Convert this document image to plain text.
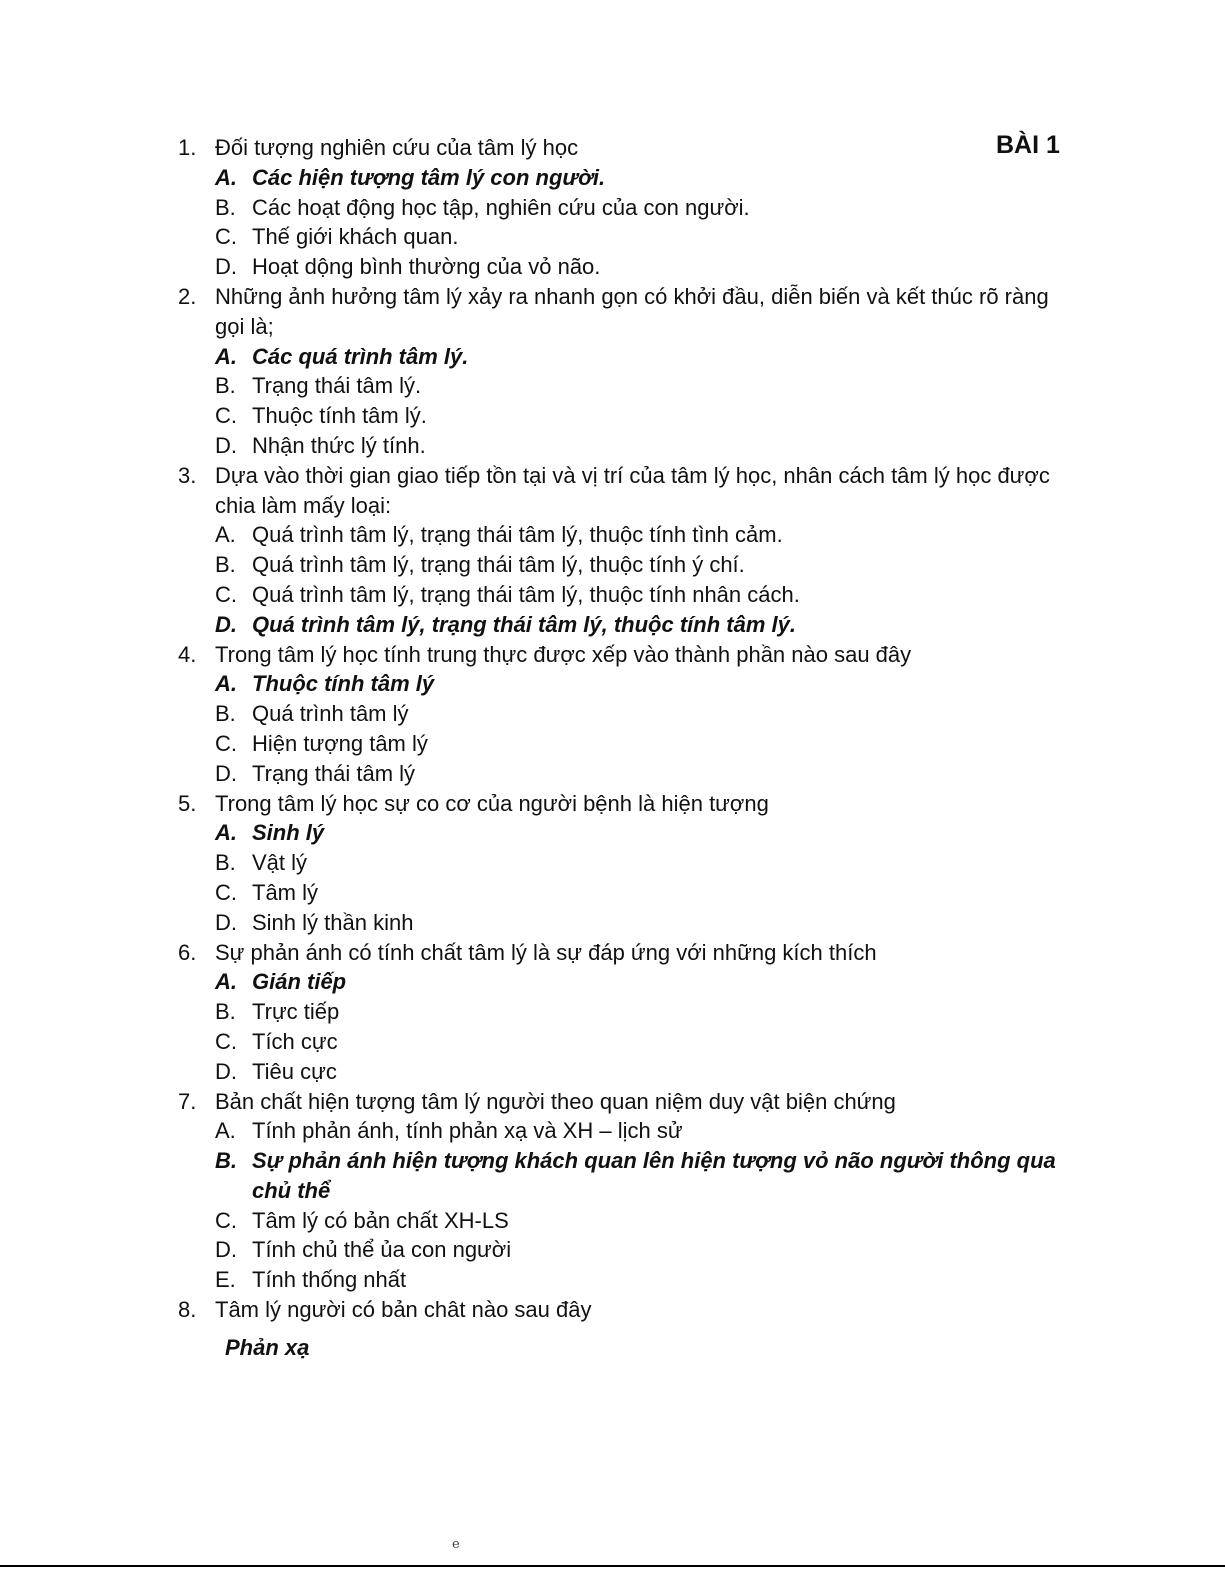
BÀI 1
1. Đối tượng nghiên cứu của tâm lý học
A. Các hiện tượng tâm lý con người.
B. Các hoạt động học tập, nghiên cứu của con người.
C. Thế giới khách quan.
D. Hoạt dộng bình thường của vỏ não.
2. Những ảnh hưởng tâm lý xảy ra nhanh gọn có khởi đầu, diễn biến và kết thúc rõ ràng gọi là;
A. Các quá trình tâm lý.
B. Trạng thái tâm lý.
C. Thuộc tính tâm lý.
D. Nhận thức lý tính.
3. Dựa vào thời gian giao tiếp tồn tại và vị trí của tâm lý học, nhân cách tâm lý học được chia làm mấy loại:
A. Quá trình tâm lý, trạng thái tâm lý, thuộc tính tình cảm.
B. Quá trình tâm lý, trạng thái tâm lý, thuộc tính ý chí.
C. Quá trình tâm lý, trạng thái tâm lý, thuộc tính nhân cách.
D. Quá trình tâm lý, trạng thái tâm lý, thuộc tính tâm lý.
4. Trong tâm lý học tính trung thực được xếp vào thành phần nào sau đây
A. Thuộc tính tâm lý
B. Quá trình tâm lý
C. Hiện tượng tâm lý
D. Trạng thái tâm lý
5. Trong tâm lý học sự co cơ của người bệnh là hiện tượng
A. Sinh lý
B. Vật lý
C. Tâm lý
D. Sinh lý thần kinh
6. Sự phản ánh có tính chất tâm lý là sự đáp ứng với những kích thích
A. Gián tiếp
B. Trực tiếp
C. Tích cực
D. Tiêu cực
7. Bản chất hiện tượng tâm lý người theo quan niệm duy vật biện chứng
A. Tính phản ánh, tính phản xạ và XH – lịch sử
B. Sự phản ánh hiện tượng khách quan lên hiện tượng vỏ não người thông qua chủ thể
C. Tâm lý có bản chất XH-LS
D. Tính chủ thể ủa con người
E. Tính thống nhất
8. Tâm lý người có bản chât nào sau đây
Phản xạ
e
